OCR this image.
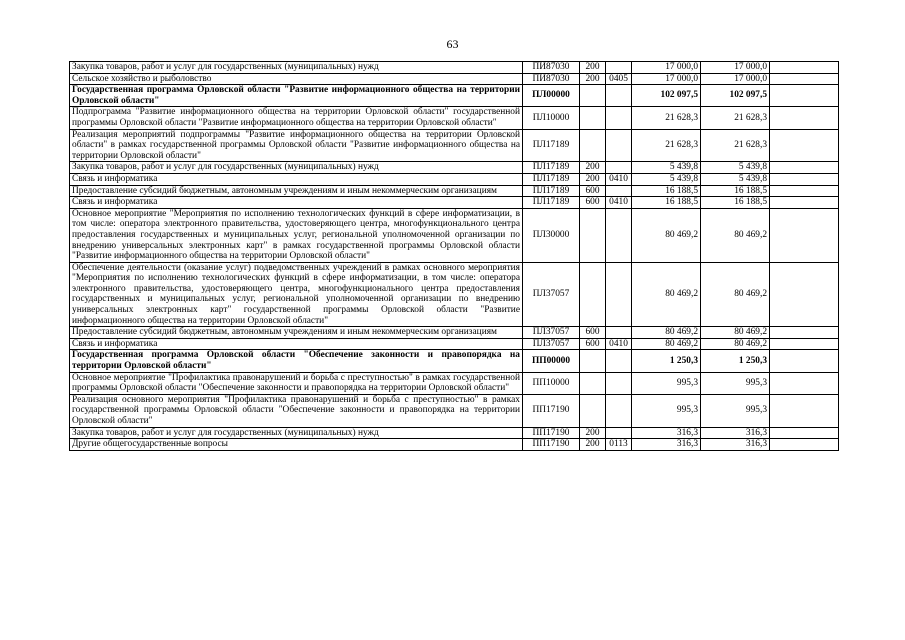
63
Закупка товаров, работ и услуг для государственных (муниципальных) нужд	ПИ87030	200		17 000,0	17 000,0	
Сельское хозяйство и рыболовство	ПИ87030	200	0405	17 000,0	17 000,0	
Государственная программа Орловской области "Развитие информационного общества на территории Орловской области"	ПЛ00000			102 097,5	102 097,5	
Подпрограмма "Развитие информационного общества на территории Орловской области" государственной программы Орловской области "Развитие информационного общества на территории Орловской области"	ПЛ10000			21 628,3	21 628,3	
Реализация мероприятий подпрограммы "Развитие информационного общества на территории Орловской области" в рамках государственной программы Орловской области "Развитие информационного общества на территории Орловской области"	ПЛ17189			21 628,3	21 628,3	
Закупка товаров, работ и услуг для государственных (муниципальных) нужд	ПЛ17189	200		5 439,8	5 439,8	
Связь и информатика	ПЛ17189	200	0410	5 439,8	5 439,8	
Предоставление субсидий бюджетным, автономным учреждениям и иным некоммерческим организациям	ПЛ17189	600		16 188,5	16 188,5	
Связь и информатика	ПЛ17189	600	0410	16 188,5	16 188,5	
Основное мероприятие "Мероприятия по исполнению технологических функций в сфере информатизации, в том числе: оператора электронного правительства, удостоверяющего центра, многофункционального центра предоставления государственных и муниципальных услуг, региональной уполномоченной организации по внедрению универсальных электронных карт" в рамках государственной программы Орловской области "Развитие информационного общества на территории Орловской области"	ПЛ30000			80 469,2	80 469,2	
Обеспечение деятельности (оказание услуг) подведомственных учреждений в рамках основного мероприятия "Мероприятия по исполнению технологических функций в сфере информатизации, в том числе: оператора электронного правительства, удостоверяющего центра, многофункционального центра предоставления государственных и муниципальных услуг, региональной уполномоченной организации по внедрению универсальных электронных карт" государственной программы Орловской области "Развитие информационного общества на территории Орловской области"	ПЛ37057			80 469,2	80 469,2	
Предоставление субсидий бюджетным, автономным учреждениям и иным некоммерческим организациям	ПЛ37057	600		80 469,2	80 469,2	
Связь и информатика	ПЛ37057	600	0410	80 469,2	80 469,2	
Государственная программа Орловской области "Обеспечение законности и правопорядка на территории Орловской области"	ПП00000			1 250,3	1 250,3	
Основное мероприятие "Профилактика правонарушений и борьба с преступностью" в рамках государственной программы Орловской области "Обеспечение законности и правопорядка на территории Орловской области"	ПП10000			995,3	995,3	
Реализация основного мероприятия "Профилактика правонарушений и борьба с преступностью" в рамках государственной программы Орловской области "Обеспечение законности и правопорядка на территории Орловской области"	ПП17190			995,3	995,3	
Закупка товаров, работ и услуг для государственных (муниципальных) нужд	ПП17190	200		316,3	316,3	
Другие общегосударственные вопросы	ПП17190	200	0113	316,3	316,3	
